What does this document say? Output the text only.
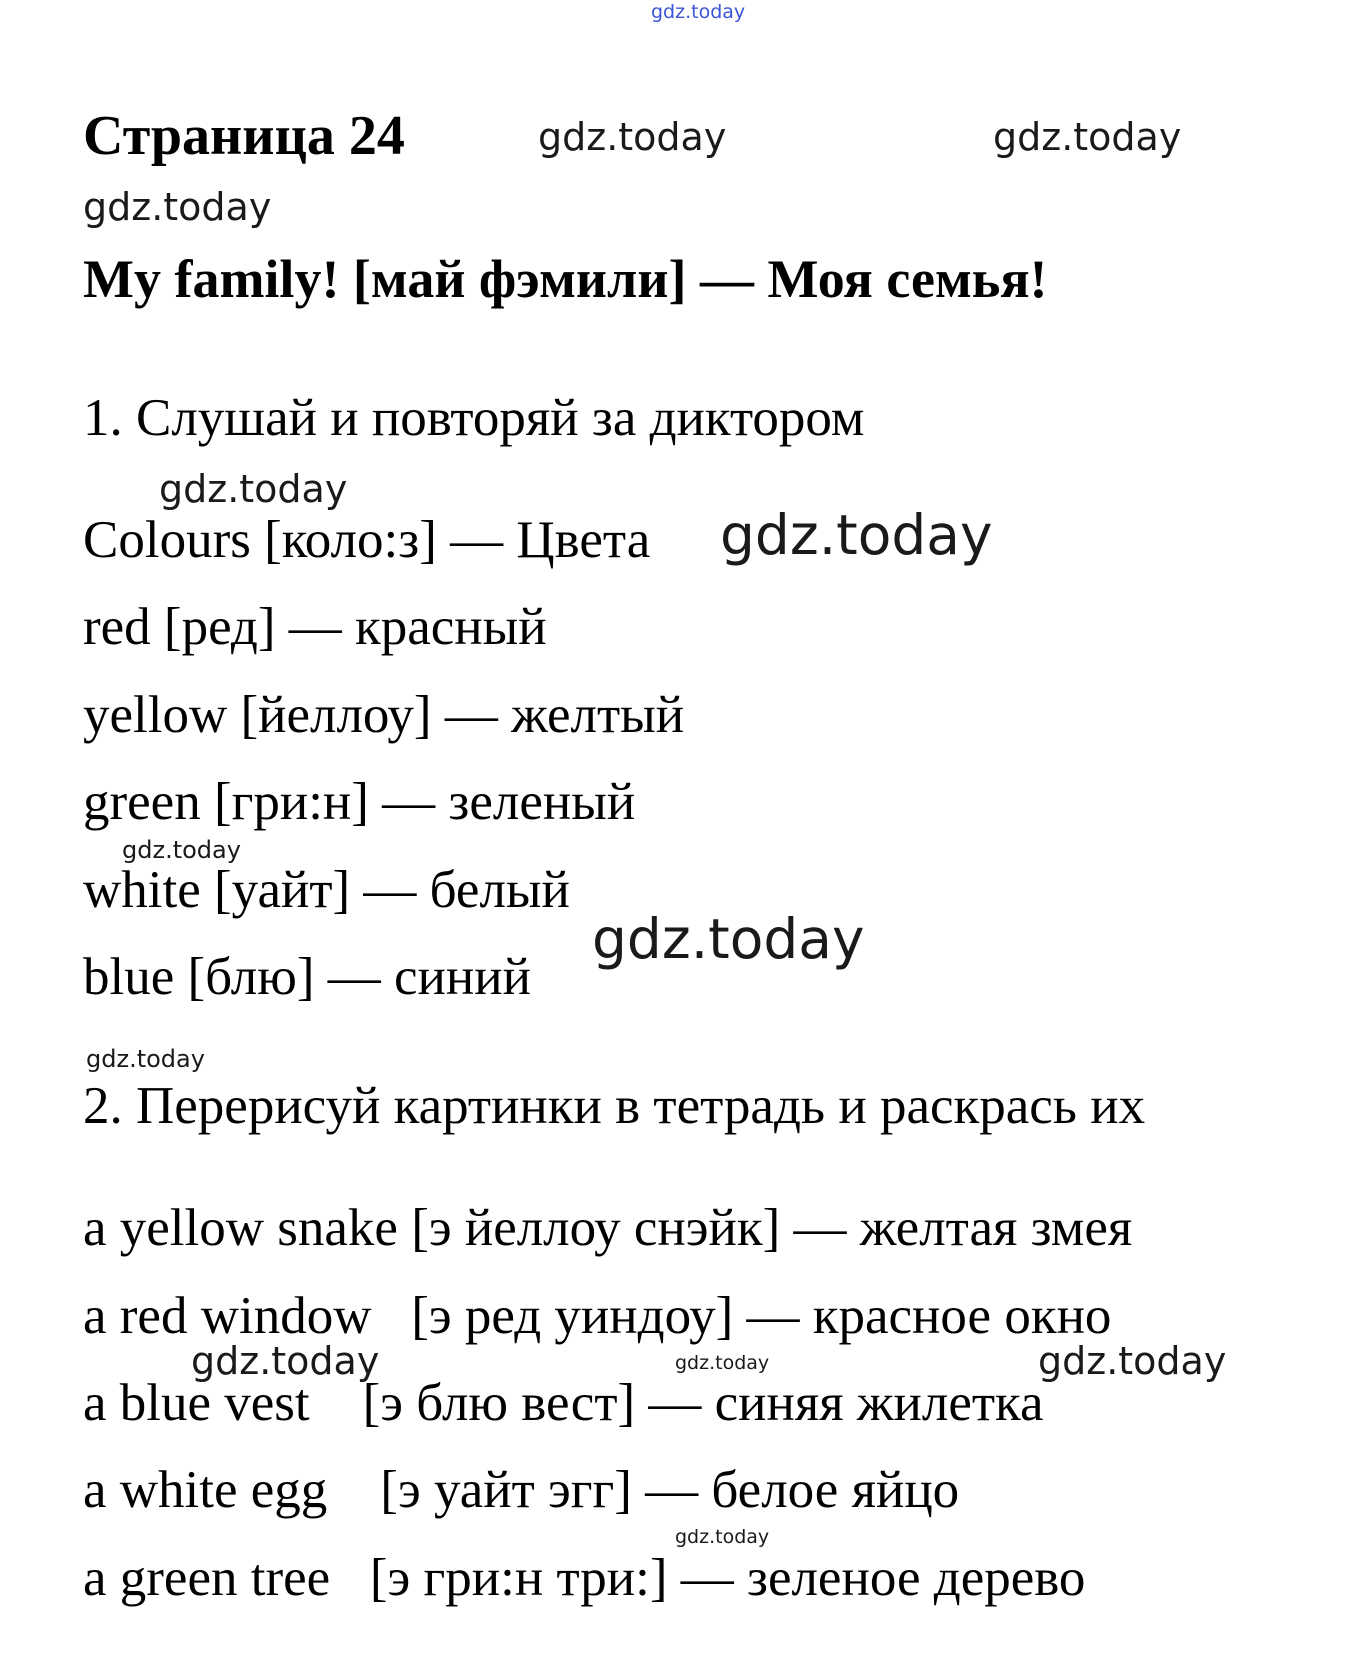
gdz.today
gdz.today	gdz.today
gdz.today
gdz.today
gdz.today
gdz.today
gdz.today
gdz.today
gdz.today	gdz.today	gdz.today
gdz.today
Страница 24
My family! [май фэмили] — Моя семья!

1. Слушай и повторяй за диктором

Colours [коло:з] — Цвета

red [ред] — красный

yellow [йеллоу] — желтый

green [гри:н] — зеленый

white [уайт] — белый

blue [блю] — синий

2. Перерисуй картинки в тетрадь и раскрась их

a yellow snake [э йеллоу снэйк] — желтая змея

a red window   [э ред уиндоу] — красное окно

a blue vest    [э блю вест] — синяя жилетка

a white egg    [э уайт эгг] — белое яйцо

a green tree   [э гри:н три:] — зеленое дерево
